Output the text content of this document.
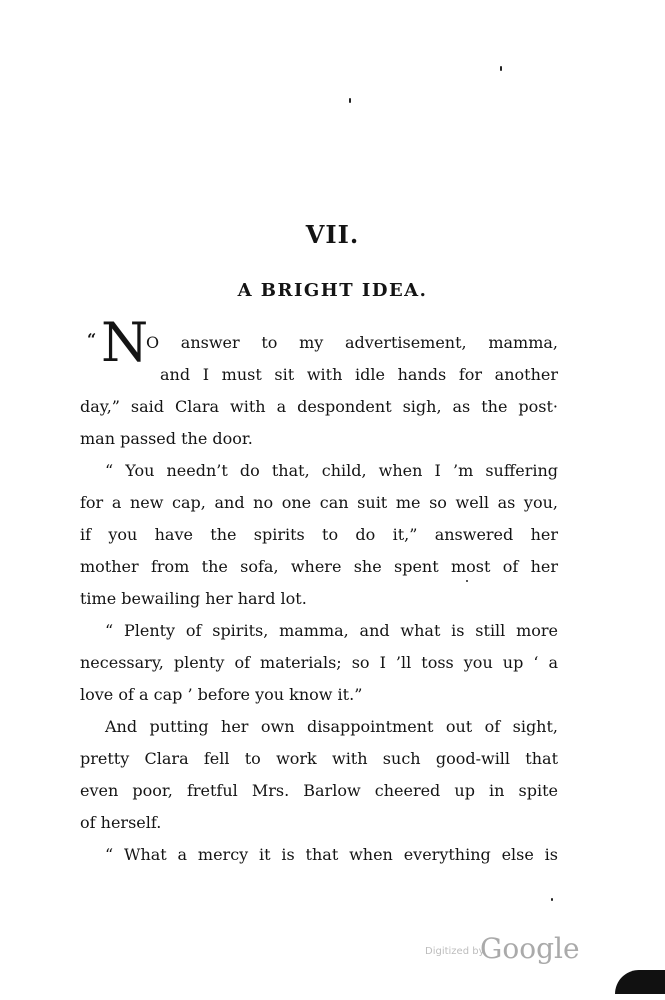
VII.
A BRIGHT IDEA.
“ N
O answer to my advertisement, mamma,
and I must sit with idle hands for another
day,” said Clara with a despondent sigh, as the post·
man passed the door.
“ You needn’t do that, child, when I ’m suffering
for a new cap, and no one can suit me so well as you,
if you have the spirits to do it,” answered her
mother from the sofa, where she spent most of her
time bewailing her hard lot.
“ Plenty of spirits, mamma, and what is still more
necessary, plenty of materials; so I ’ll toss you up ‘ a
love of a cap ’ before you know it.”
And putting her own disappointment out of sight,
pretty Clara fell to work with such good-will that
even poor, fretful Mrs. Barlow cheered up in spite
of herself.
“ What a mercy it is that when everything else is
Digitized by
Google
